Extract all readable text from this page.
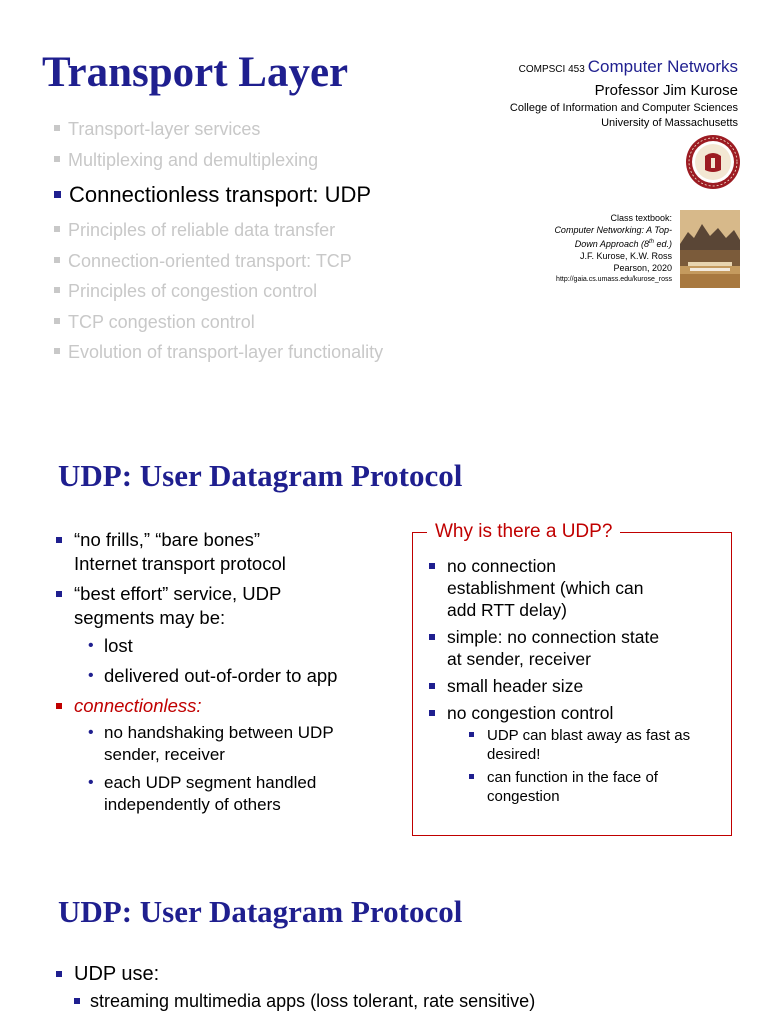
Transport Layer
Transport-layer services
Multiplexing and demultiplexing
Connectionless transport: UDP
Principles of reliable data transfer
Connection-oriented transport: TCP
Principles of congestion control
TCP congestion control
Evolution of transport-layer functionality
COMPSCI 453 Computer Networks
Professor Jim Kurose
College of Information and Computer Sciences
University of Massachusetts
Class textbook:
Computer Networking: A Top-
Down Approach (8th ed.)
J.F. Kurose, K.W. Ross
Pearson, 2020
http://gaia.cs.umass.edu/kurose_ross
UDP: User Datagram Protocol
“no frills,” “bare bones”
Internet transport protocol
“best effort” service, UDP
segments may be:
• lost
• delivered out-of-order to app
connectionless:
• no handshaking between UDP
sender, receiver
• each UDP segment handled
independently of others
Why is there a UDP?
no connection
establishment (which can
add RTT delay)
simple: no connection state
at sender, receiver
small header size
no congestion control
UDP can blast away as fast as
desired!
can function in the face of
congestion
UDP: User Datagram Protocol
UDP use:
streaming multimedia apps (loss tolerant, rate sensitive)
